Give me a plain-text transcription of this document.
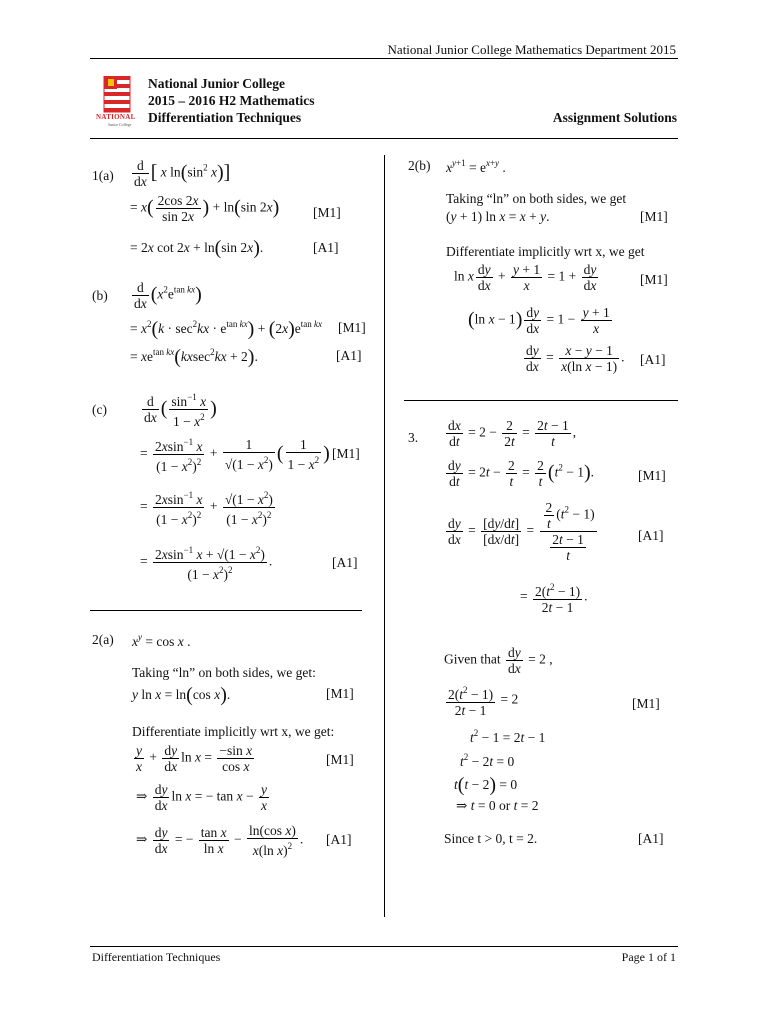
National Junior College Mathematics Department 2015
NATIONAL
Junior College
National Junior College
2015 – 2016 H2 Mathematics
Differentiation Techniques	Assignment Solutions
$1(a) \frac{d}{dx}$ [ x $\ln(\sin^2$ x)]
= $x( \frac{2\cos 2x}{\sin 2x}$ ) + ln(sin 2x) [M1]
= 2x cot 2x + ln(sin 2x).	[A1]
$(b) \frac{d}{dx} (x^2e^{tan kx})$
= $x^2(k \cdot \sec^2kx \cdot e^{tan kx}) + (2x)e^{tan kx}$ [M1]
= $xe^{tan kx}(kxsec^2kx + 2)$.	[A1]
(c)	$\frac{d}{dx}$ ( $\frac{\sin^{-1} x}{1 - x^2}$ )
= $\frac{2xsin^{-1} x}{(1 - x^2)^2} + \frac{1}{√(1 - x^2)}$ ( $\frac{1}{1 - x^2}$ ) [M1]
= $\frac{2xsin^{-1} x}{(1 - x^2)^2} + \frac{√(1 - x^2)}{(1 - x^2)^2}$
= $\frac{2xsin^{-1} x + √(1 - x^2)}{(1 - x^2)^2}$ .	[A1]
2(a) $x^y = \cos x$ .
Taking “ln” on both sides, we get:
y ln x = ln(cos x).	[M1]
Differentiate implicitly wrt x, we get:
$\frac{y}{x} + \frac{dy}{dx}$ $\ln x = \frac{\text{−sin x}}{\text{cos x}}$	[M1]
⇒ $\frac{dy}{dx}$ ln x = − $\tan x - \frac{y}{x}$
⇒ $\frac{dy}{dx}$ = − $\frac{\text{tan x}}{\text{ln x}} - \frac{\text{ln(cos x)}}{x(\ln x)^2}$ . [A1]
2(b) $x^{y+1} = e^{x+y}$ .
Taking “ln” on both sides, we get
(y + 1) ln x = x + y.	[M1]
Differentiate implicitly wrt x, we get
ln x $\frac{dy}{dx} + \frac{y + 1}{x} = 1 + \frac{dy}{dx}$	[M1]
(ln $x - 1) \frac{dy}{dx} = 1 - \frac{y + 1}{x}$
$\frac{dy}{dx} = \frac{x - y - 1}{\text{x(ln x − 1)}}$ . [A1]
3. $\frac{dx}{dt} = 2 - \frac{2}{2t} = \frac{2t - 1}{t}$ ,
$\frac{dy}{dt} = 2t - \frac{2}{t} = \frac{2}{t} (t^2 - 1)$.	[M1]
$\frac{dy}{dx} = \frac{[dy/dt]}{[dx/dt]} = \frac{\frac{2}{t} (t^2 - 1)}{\frac{2t - 1}{t}}$	[A1]
= $\frac{2(t^2 - 1)}{2t - 1}$ .
Given that $\frac{dy}{dx} = 2$ ,
$\frac{2(t^2 - 1)}{2t - 1} = 2$	[M1]
$t^2 - 1 = 2t - 1$
$t^2 - 2t = 0$
t(t − 2) = 0
⇒ t = 0 or t = 2
Since t > 0, t = 2.	[A1]
Differentiation Techniques	Page 1 of 1
